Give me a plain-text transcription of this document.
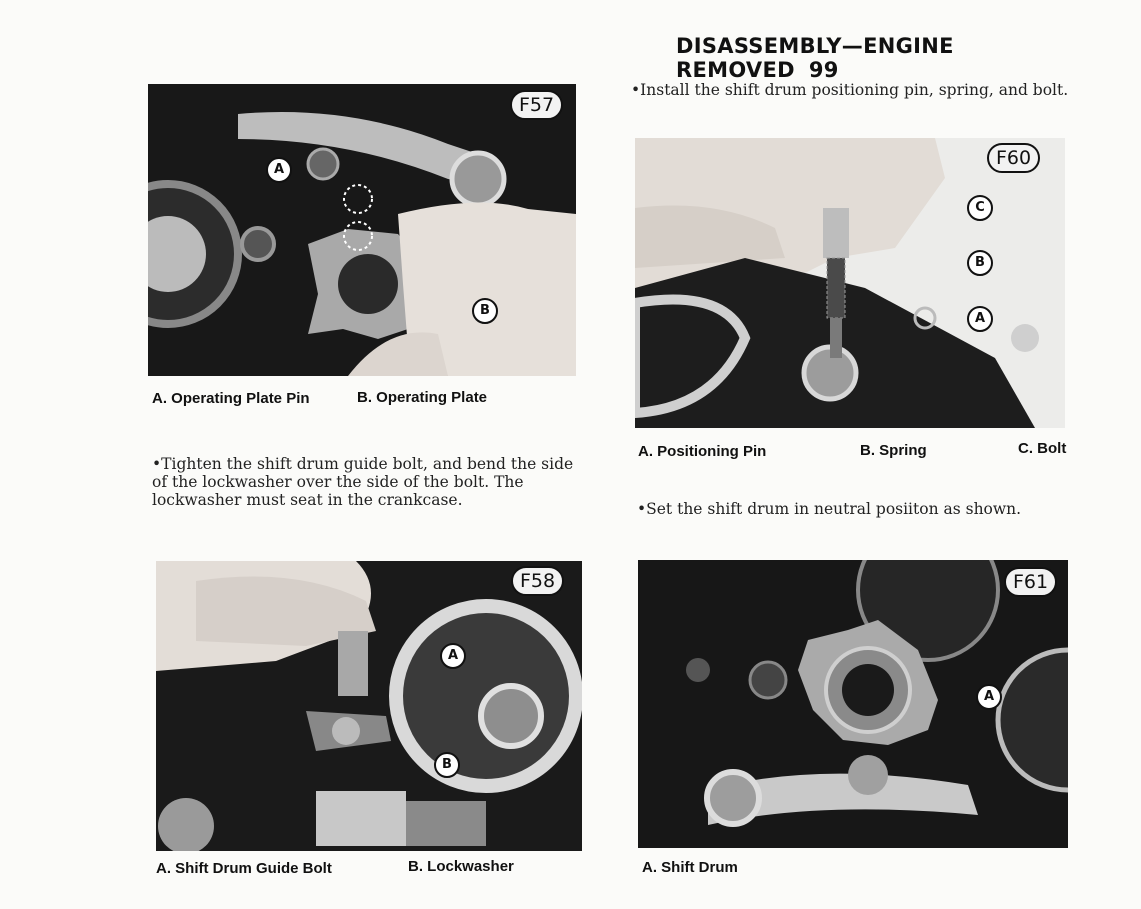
DISASSEMBLY—ENGINE REMOVED 99
F57
A
B
A. Operating Plate Pin	B. Operating Plate
•Tighten the shift drum guide bolt, and bend the side of the lockwasher over the side of the bolt. The lockwasher must seat in the crankcase.
F58
A
B
A. Shift Drum Guide Bolt	B. Lockwasher
•Install the shift drum positioning pin, spring, and bolt.
F60
C
B
A
A. Positioning Pin	B. Spring	C. Bolt
•Set the shift drum in neutral posiiton as shown.
F61
A
A. Shift Drum
